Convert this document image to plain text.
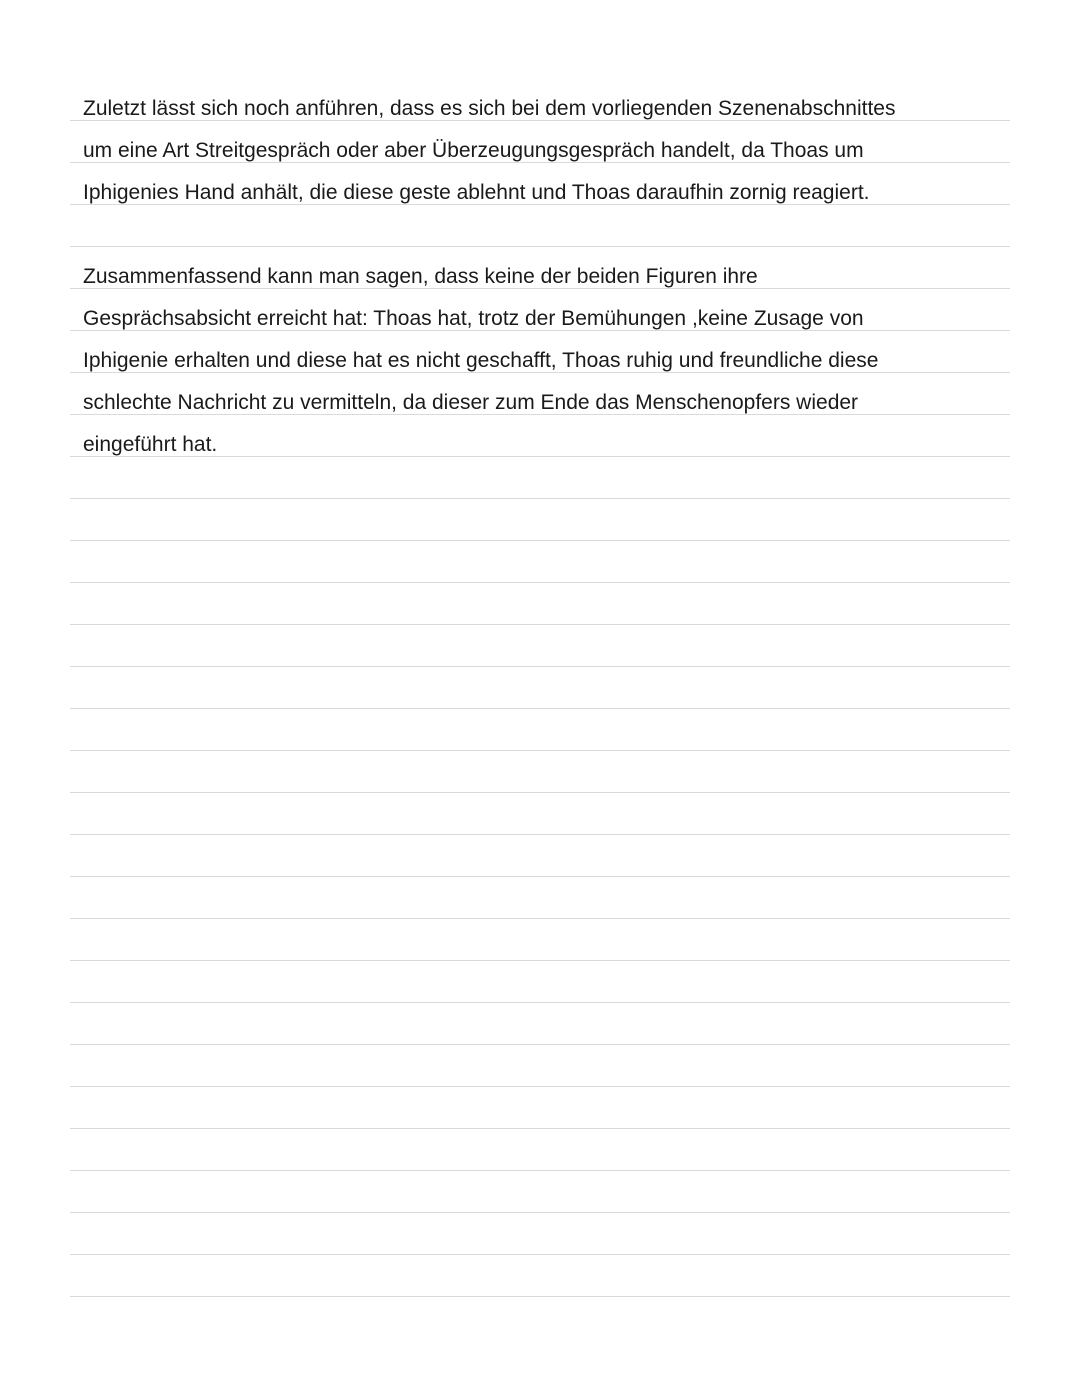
Zuletzt lässt sich noch anführen, dass es sich bei dem vorliegenden Szenenabschnittes
um eine Art Streitgespräch oder aber Überzeugungsgespräch handelt, da Thoas um
Iphigenies Hand anhält, die diese geste ablehnt und Thoas daraufhin zornig reagiert.
Zusammenfassend kann man sagen, dass keine der beiden Figuren ihre
Gesprächsabsicht erreicht hat: Thoas hat, trotz der Bemühungen ,keine Zusage von
Iphigenie erhalten und diese hat es nicht geschafft, Thoas ruhig und freundliche diese
schlechte Nachricht zu vermitteln, da dieser zum Ende das Menschenopfers wieder
eingeführt hat.
